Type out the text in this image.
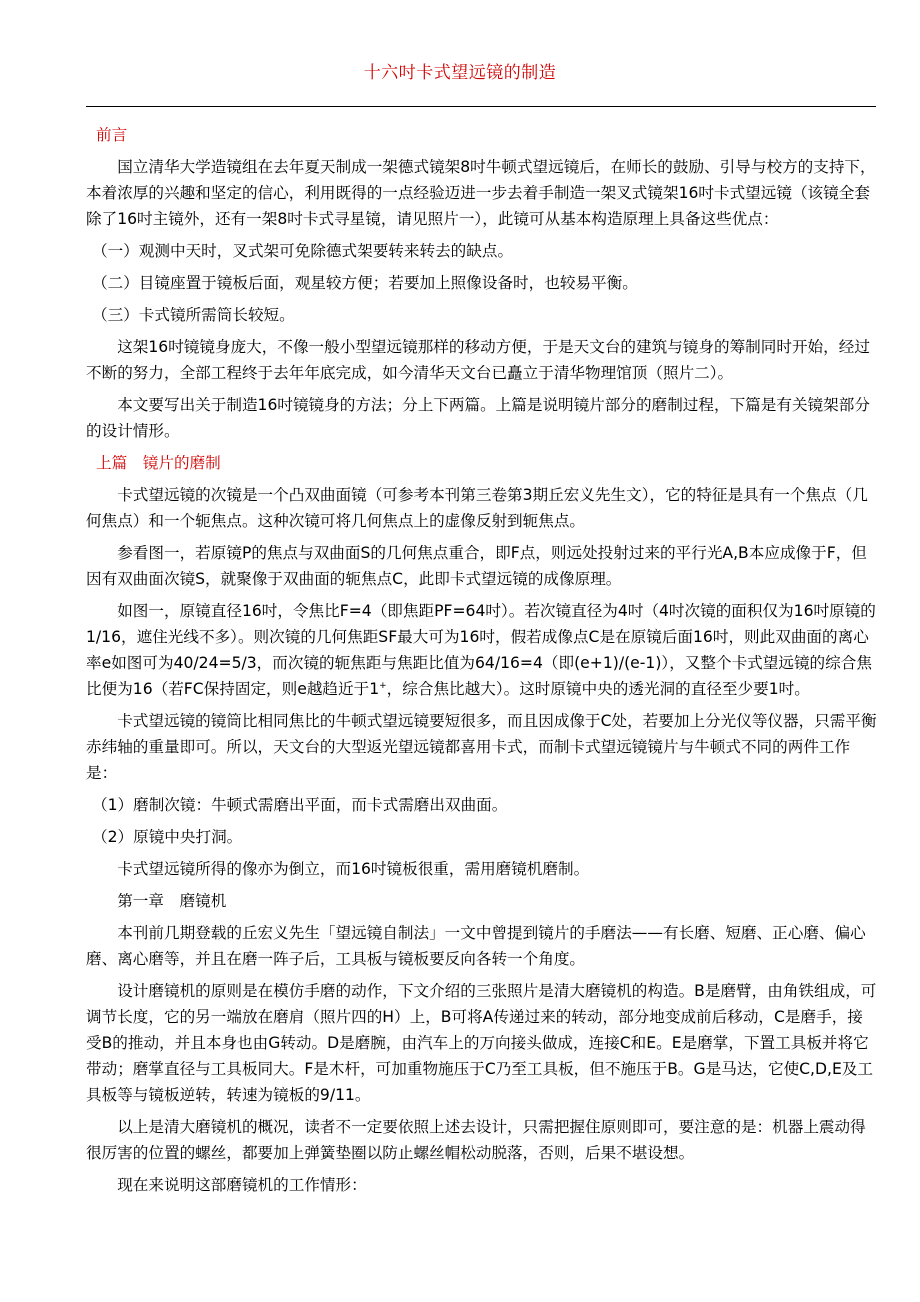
十六吋卡式望远镜的制造

前言

国立清华大学造镜组在去年夏天制成一架德式镜架8吋牛顿式望远镜后，在师长的鼓励、引导与校方的支持下，本着浓厚的兴趣和坚定的信心，利用既得的一点经验迈进一步去着手制造一架叉式镜架16吋卡式望远镜（该镜全套除了16吋主镜外，还有一架8吋卡式寻星镜，请见照片一），此镜可从基本构造原理上具备这些优点：

（一）观测中天时，叉式架可免除德式架要转来转去的缺点。

（二）目镜座置于镜板后面，观星较方便；若要加上照像设备时，也较易平衡。

（三）卡式镜所需筒长较短。

这架16吋镜镜身庞大，不像一般小型望远镜那样的移动方便，于是天文台的建筑与镜身的筹制同时开始，经过不断的努力，全部工程终于去年年底完成，如今清华天文台已矗立于清华物理馆顶（照片二）。

本文要写出关于制造16吋镜镜身的方法；分上下两篇。上篇是说明镜片部分的磨制过程，下篇是有关镜架部分的设计情形。

上篇　镜片的磨制

卡式望远镜的次镜是一个凸双曲面镜（可参考本刊第三卷第3期丘宏义先生文），它的特征是具有一个焦点（几何焦点）和一个轭焦点。这种次镜可将几何焦点上的虚像反射到轭焦点。

参看图一，若原镜P的焦点与双曲面S的几何焦点重合，即F点，则远处投射过来的平行光A,B本应成像于F，但因有双曲面次镜S，就聚像于双曲面的轭焦点C，此即卡式望远镜的成像原理。

如图一，原镜直径16吋，令焦比F=4（即焦距PF=64吋）。若次镜直径为4吋（4吋次镜的面积仅为16吋原镜的1/16，遮住光线不多）。则次镜的几何焦距SF最大可为16吋，假若成像点C是在原镜后面16吋，则此双曲面的离心率e如图可为40/24=5/3，而次镜的轭焦距与焦距比值为64/16=4（即(e+1)/(e-1)），又整个卡式望远镜的综合焦比便为16（若FC保持固定，则e越趋近于1+，综合焦比越大）。这时原镜中央的透光洞的直径至少要1吋。

卡式望远镜的镜筒比相同焦比的牛顿式望远镜要短很多，而且因成像于C处，若要加上分光仪等仪器，只需平衡赤纬轴的重量即可。所以，天文台的大型返光望远镜都喜用卡式，而制卡式望远镜镜片与牛顿式不同的两件工作是：

（1）磨制次镜：牛顿式需磨出平面，而卡式需磨出双曲面。

（2）原镜中央打洞。

卡式望远镜所得的像亦为倒立，而16吋镜板很重，需用磨镜机磨制。

第一章　磨镜机

本刊前几期登载的丘宏义先生「望远镜自制法」一文中曾提到镜片的手磨法——有长磨、短磨、正心磨、偏心磨、离心磨等，并且在磨一阵子后，工具板与镜板要反向各转一个角度。

设计磨镜机的原则是在模仿手磨的动作，下文介绍的三张照片是清大磨镜机的构造。B是磨臂，由角铁组成，可调节长度，它的另一端放在磨肩（照片四的H）上，B可将A传递过来的转动，部分地变成前后移动，C是磨手，接受B的推动，并且本身也由G转动。D是磨腕，由汽车上的万向接头做成，连接C和E。E是磨掌，下置工具板并将它带动；磨掌直径与工具板同大。F是木杆，可加重物施压于C乃至工具板，但不施压于B。G是马达，它使C,D,E及工具板等与镜板逆转，转速为镜板的9/11。

以上是清大磨镜机的概况，读者不一定要依照上述去设计，只需把握住原则即可，要注意的是：机器上震动得很厉害的位置的螺丝，都要加上弹簧垫圈以防止螺丝帽松动脱落，否则，后果不堪设想。

现在来说明这部磨镜机的工作情形：
